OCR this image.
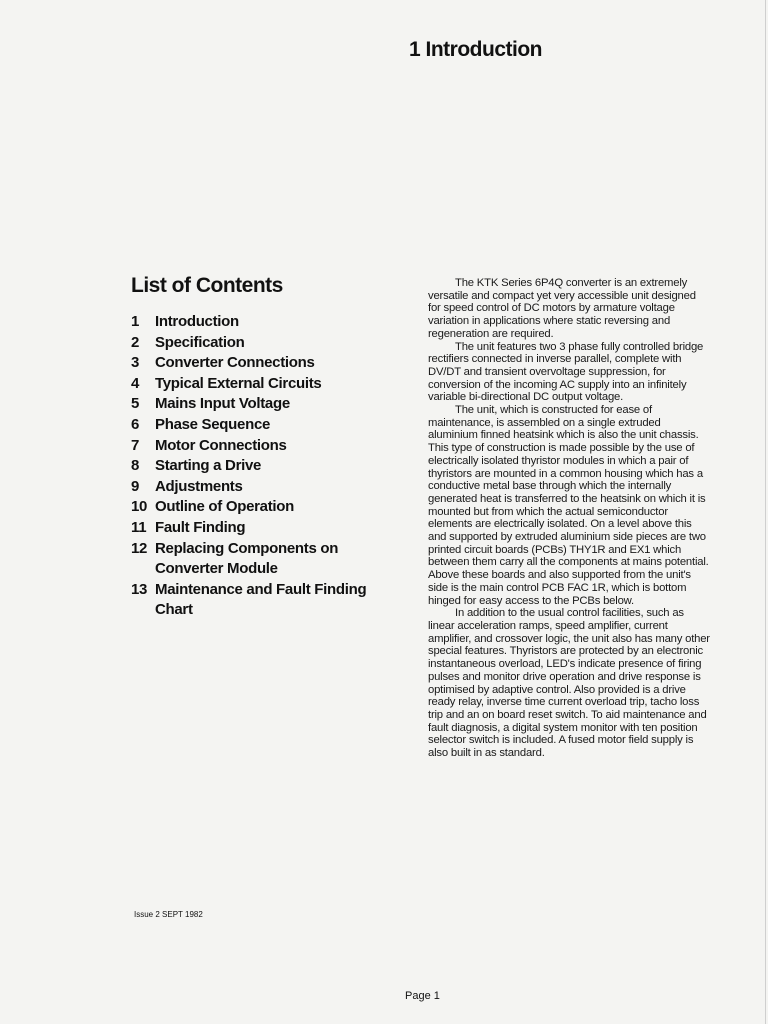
1 Introduction
List of Contents
1	Introduction
2	Specification
3	Converter Connections
4	Typical External Circuits
5	Mains Input Voltage
6	Phase Sequence
7	Motor Connections
8	Starting a Drive
9	Adjustments
10 Outline of Operation
11 Fault Finding
12 Replacing Components on Converter Module
13 Maintenance and Fault Finding Chart

The KTK Series 6P4Q converter is an extremely versatile and compact yet very accessible unit designed for speed control of DC motors by armature voltage variation in applications where static reversing and regeneration are required.

The unit features two 3 phase fully controlled bridge rectifiers connected in inverse parallel, complete with DV/DT and transient overvoltage suppression, for conversion of the incoming AC supply into an infinitely variable bi-directional DC output voltage.

The unit, which is constructed for ease of maintenance, is assembled on a single extruded aluminium finned heatsink which is also the unit chassis. This type of construction is made possible by the use of electrically isolated thyristor modules in which a pair of thyristors are mounted in a common housing which has a conductive metal base through which the internally generated heat is transferred to the heatsink on which it is mounted but from which the actual semiconductor elements are electrically isolated. On a level above this and supported by extruded aluminium side pieces are two printed circuit boards (PCBs) THY1R and EX1 which between them carry all the components at mains potential. Above these boards and also supported from the unit's side is the main control PCB FAC 1R, which is bottom hinged for easy access to the PCBs below.

In addition to the usual control facilities, such as linear acceleration ramps, speed amplifier, current amplifier, and crossover logic, the unit also has many other special features. Thyristors are protected by an electronic instantaneous overload, LED's indicate presence of firing pulses and monitor drive operation and drive response is optimised by adaptive control. Also provided is a drive ready relay, inverse time current overload trip, tacho loss trip and an on board reset switch. To aid maintenance and fault diagnosis, a digital system monitor with ten position selector switch is included. A fused motor field supply is also built in as standard.

Issue 2 SEPT 1982

Page 1
